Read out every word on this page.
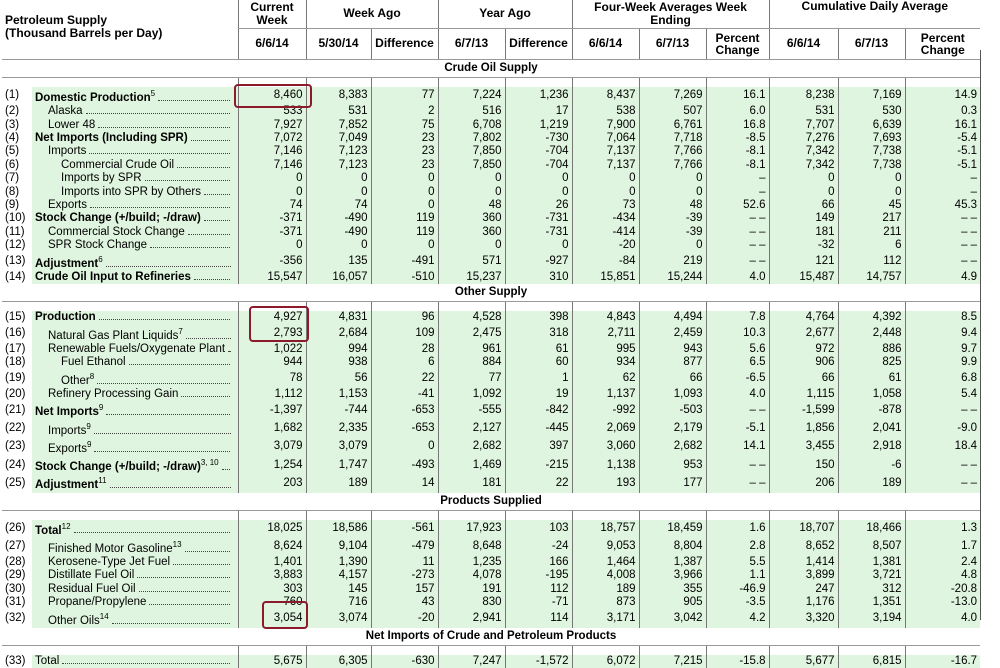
Petroleum Supply
(Thousand Barrels per Day)		Current Week	Week Ago		Year Ago		Four-Week Averages Week Ending			Cumulative Daily Average		
		6/6/14	5/30/14	Difference	6/7/13	Difference	6/6/14	6/7/13	Percent Change	6/6/14	6/7/13	Percent Change
Crude Oil Supply												

(1)	Domestic Production$^5$	8,460	8,383	77	7,224	1,236	8,437	7,269	16.1	8,238	7,169	14.9
(2)	Alaska	533	531	2	516	17	538	507	6.0	531	530	0.3
(3)	Lower 48	7,927	7,852	75	6,708	1,219	7,900	6,761	16.8	7,707	6,639	16.1
(4)	Net Imports (Including SPR)	7,072	7,049	23	7,802	-730	7,064	7,718	-8.5	7,276	7,693	-5.4
(5)	Imports	7,146	7,123	23	7,850	-704	7,137	7,766	-8.1	7,342	7,738	-5.1
(6)	Commercial Crude Oil	7,146	7,123	23	7,850	-704	7,137	7,766	-8.1	7,342	7,738	-5.1
(7)	Imports by SPR	0	0	0	0	0	0	0	–	0	0	–
(8)	Imports into SPR by Others	0	0	0	0	0	0	0	–	0	0	–
(9)	Exports	74	74	0	48	26	73	48	52.6	66	45	45.3
(10)	Stock Change (+/build; -/draw)	-371	-490	119	360	-731	-434	-39	– –	149	217	– –
(11)	Commercial Stock Change	-371	-490	119	360	-731	-414	-39	– –	181	211	– –
(12)	SPR Stock Change	0	0	0	0	0	-20	0	– –	-32	6	– –
(13)	Adjustment$^6$	-356	135	-491	571	-927	-84	219	– –	121	112	– –
(14)	Crude Oil Input to Refineries	15,547	16,057	-510	15,237	310	15,851	15,244	4.0	15,487	14,757	4.9
Other Supply												

(15)	Production	4,927	4,831	96	4,528	398	4,843	4,494	7.8	4,764	4,392	8.5
(16)	Natural Gas Plant Liquids$^7$	2,793	2,684	109	2,475	318	2,711	2,459	10.3	2,677	2,448	9.4
(17)	Renewable Fuels/Oxygenate Plant	1,022	994	28	961	61	995	943	5.6	972	886	9.7
(18)	Fuel Ethanol	944	938	6	884	60	934	877	6.5	906	825	9.9
(19)	Other$^8$	78	56	22	77	1	62	66	-6.5	66	61	6.8
(20)	Refinery Processing Gain	1,112	1,153	-41	1,092	19	1,137	1,093	4.0	1,115	1,058	5.4
(21)	Net Imports$^9$	-1,397	-744	-653	-555	-842	-992	-503	– –	-1,599	-878	– –
(22)	Imports$^9$	1,682	2,335	-653	2,127	-445	2,069	2,179	-5.1	1,856	2,041	-9.0
(23)	Exports$^9$	3,079	3,079	0	2,682	397	3,060	2,682	14.1	3,455	2,918	18.4
(24)	Stock Change (+/build; -/draw)$^{3, 10}$	1,254	1,747	-493	1,469	-215	1,138	953	– –	150	-6	– –
(25)	Adjustment$^{11}$	203	189	14	181	22	193	177	– –	206	189	– –
Products Supplied												

(26)	Total$^{12}$	18,025	18,586	-561	17,923	103	18,757	18,459	1.6	18,707	18,466	1.3
(27)	Finished Motor Gasoline$^{13}$	8,624	9,104	-479	8,648	-24	9,053	8,804	2.8	8,652	8,507	1.7
(28)	Kerosene-Type Jet Fuel	1,401	1,390	11	1,235	166	1,464	1,387	5.5	1,414	1,381	2.4
(29)	Distillate Fuel Oil	3,883	4,157	-273	4,078	-195	4,008	3,966	1.1	3,899	3,721	4.8
(30)	Residual Fuel Oil	303	145	157	191	112	189	355	-46.9	247	312	-20.8
(31)	Propane/Propylene	760	716	43	830	-71	873	905	-3.5	1,176	1,351	-13.0
(32)	Other Oils$^{14}$	3,054	3,074	-20	2,941	114	3,171	3,042	4.2	3,320	3,194	4.0
Net Imports of Crude and Petroleum Products												

(33)	Total	5,675	6,305	-630	7,247	-1,572	6,072	7,215	-15.8	5,677	6,815	-16.7
